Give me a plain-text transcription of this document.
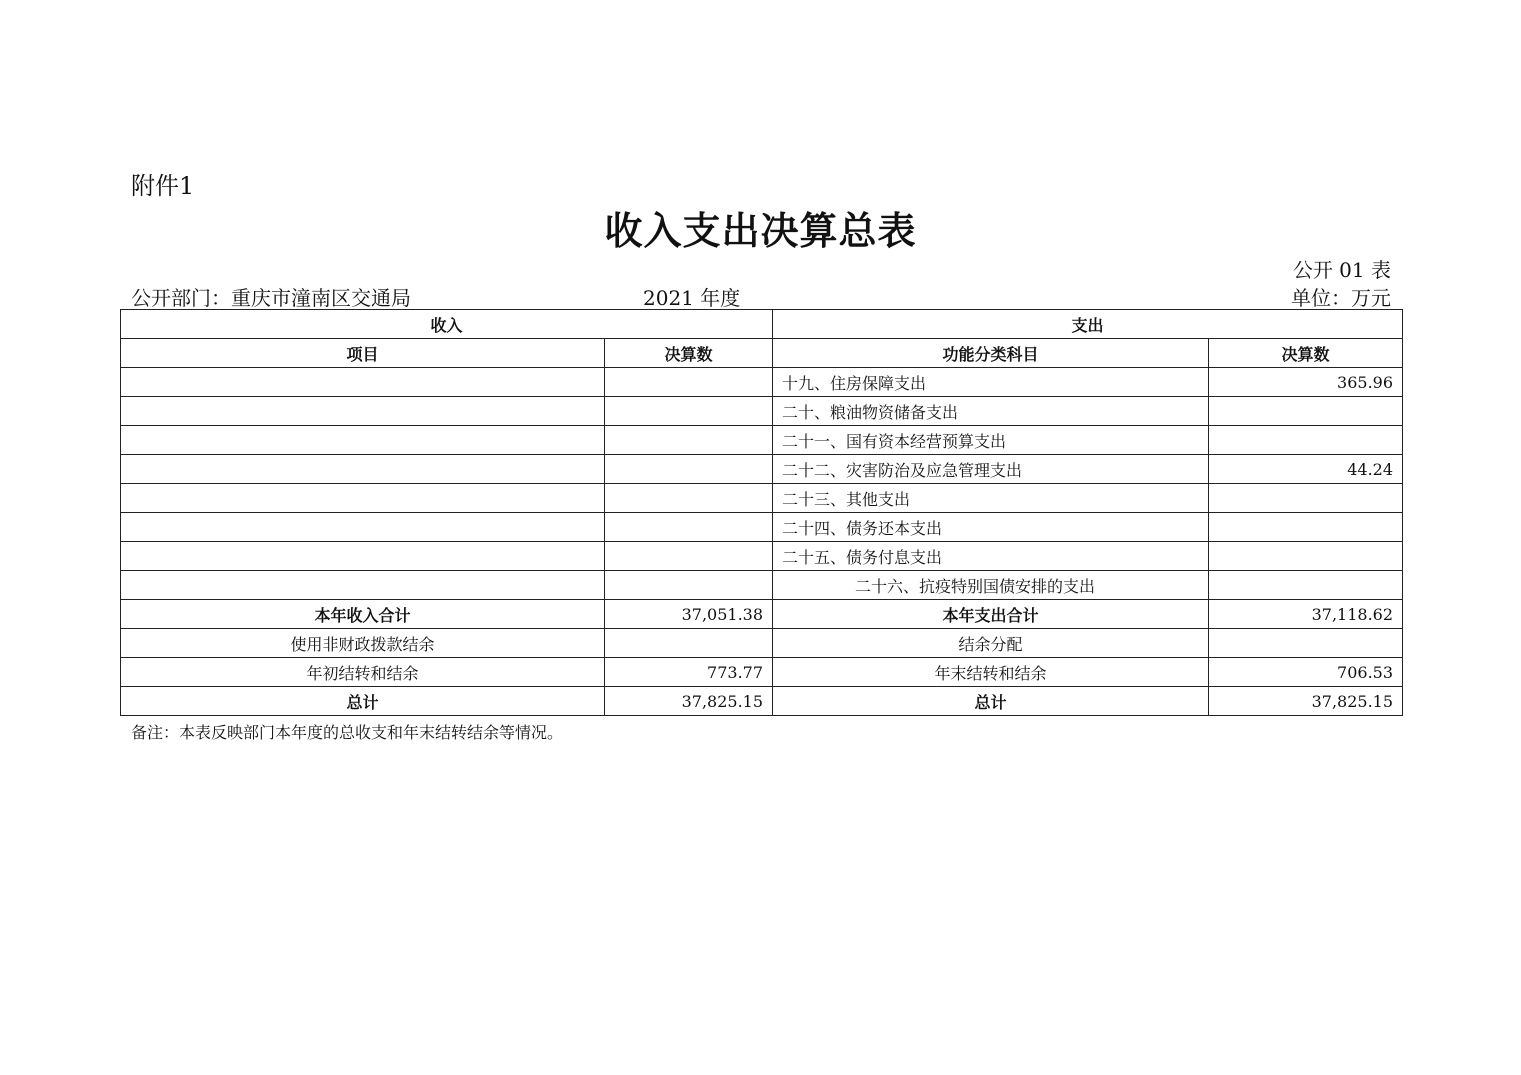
附件1
收入支出决算总表
公开 01 表
公开部门：重庆市潼南区交通局	2021 年度	单位：万元
收入		支出	
项目	决算数	功能分类科目	决算数
		十九、住房保障支出	365.96
		二十、粮油物资储备支出	
		二十一、国有资本经营预算支出	
		二十二、灾害防治及应急管理支出	44.24
		二十三、其他支出	
		二十四、债务还本支出	
		二十五、债务付息支出	
		二十六、抗疫特别国债安排的支出	
本年收入合计	37,051.38	本年支出合计	37,118.62
使用非财政拨款结余		结余分配	
年初结转和结余	773.77	年末结转和结余	706.53
总计	37,825.15	总计	37,825.15
备注：本表反映部门本年度的总收支和年末结转结余等情况。
